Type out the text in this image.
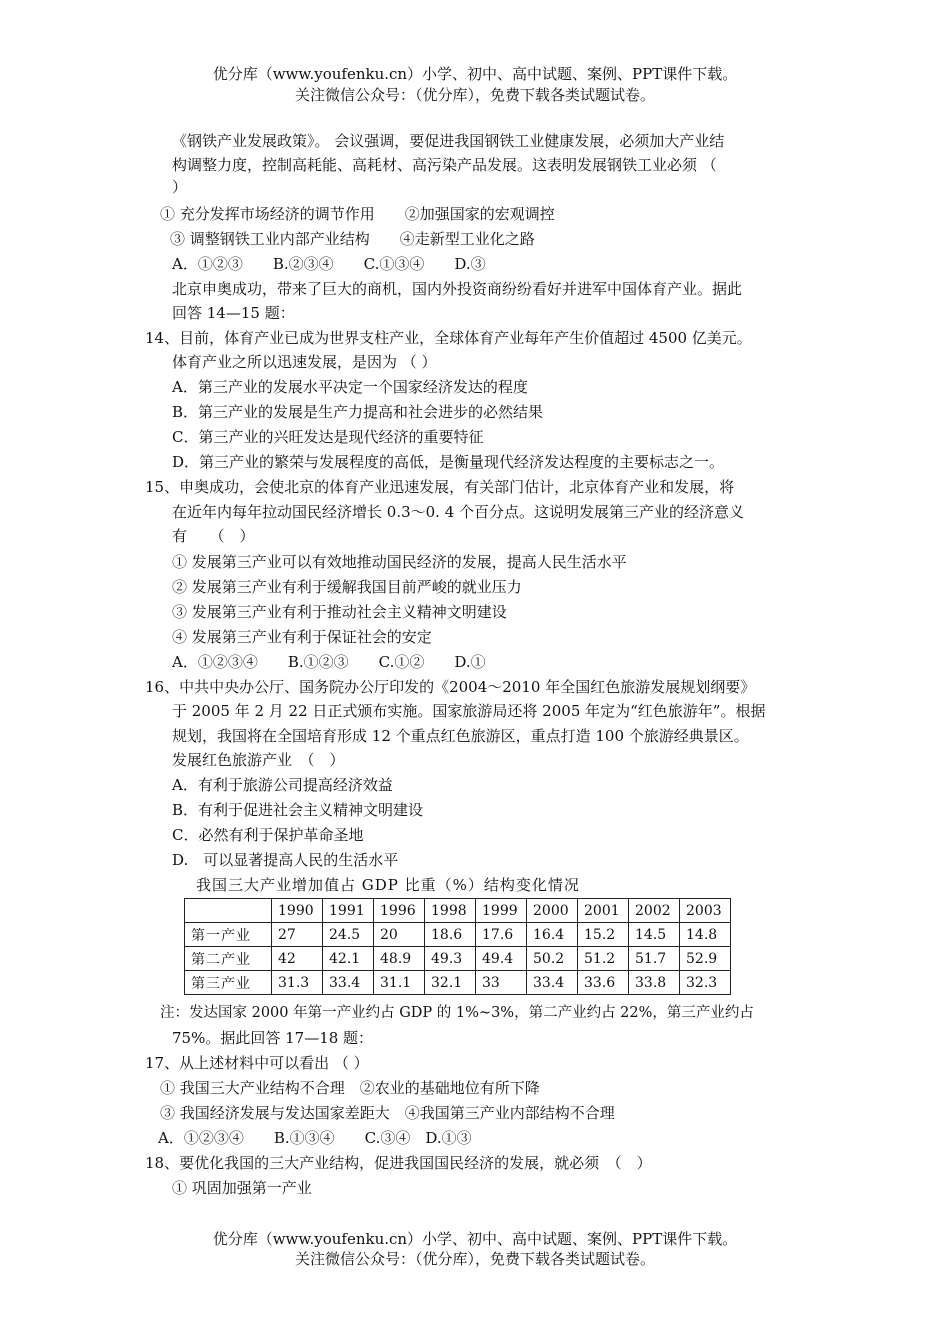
优分库（www.youfenku.cn）小学、初中、高中试题、案例、PPT课件下载。
关注微信公众号：（优分库），免费下载各类试题试卷。
《钢铁产业发展政策》。 会议强调，要促进我国钢铁工业健康发展，必须加大产业结
构调整力度，控制高耗能、高耗材、高污染产品发展。这表明发展钢铁工业必须 （
）
① 充分发挥市场经济的调节作用　　②加强国家的宏观调控
③ 调整钢铁工业内部产业结构　　④走新型工业化之路
A．①②③　　B.②③④　　C.①③④　　D.③
北京申奥成功，带来了巨大的商机，国内外投资商纷纷看好并进军中国体育产业。据此
回答 14—15 题：
14、目前，体育产业已成为世界支柱产业，全球体育产业每年产生价值超过 4500 亿美元。
体育产业之所以迅速发展，是因为 （ ）
A．第三产业的发展水平决定一个国家经济发达的程度
B．第三产业的发展是生产力提高和社会进步的必然结果
C．第三产业的兴旺发达是现代经济的重要特征
D．第三产业的繁荣与发展程度的高低，是衡量现代经济发达程度的主要标志之一。
15、申奥成功，会使北京的体育产业迅速发展，有关部门估计，北京体育产业和发展，将
在近年内每年拉动国民经济增长 0.3～0. 4 个百分点。这说明发展第三产业的经济意义
有　　（　）
① 发展第三产业可以有效地推动国民经济的发展，提高人民生活水平
② 发展第三产业有利于缓解我国目前严峻的就业压力
③ 发展第三产业有利于推动社会主义精神文明建设
④ 发展第三产业有利于保证社会的安定
A．①②③④　　B.①②③　　C.①②　　D.①
16、中共中央办公厅、国务院办公厅印发的《2004～2010 年全国红色旅游发展规划纲要》
于 2005 年 2 月 22 日正式颁布实施。国家旅游局还将 2005 年定为“红色旅游年”。根据
规划，我国将在全国培育形成 12 个重点红色旅游区，重点打造 100 个旅游经典景区。
发展红色旅游产业　（　）
A．有利于旅游公司提高经济效益
B．有利于促进社会主义精神文明建设
C．必然有利于保护革命圣地
D.　可以显著提高人民的生活水平
我国三大产业增加值占 GDP 比重（%）结构变化情况
	1990	1991	1996	1998	1999	2000	2001	2002	2003
第一产业	27	24.5	20	18.6	17.6	16.4	15.2	14.5	14.8
第二产业	42	42.1	48.9	49.3	49.4	50.2	51.2	51.7	52.9
第三产业	31.3	33.4	31.1	32.1	33	33.4	33.6	33.8	32.3
注：发达国家 2000 年第一产业约占 GDP 的 1%~3%，第二产业约占 22%，第三产业约占
75%。据此回答 17—18 题：
17、从上述材料中可以看出 （ ）
① 我国三大产业结构不合理　②农业的基础地位有所下降
③ 我国经济发展与发达国家差距大　④我国第三产业内部结构不合理
A．①②③④　　B.①③④　　C.③④　D.①③
18、要优化我国的三大产业结构，促进我国国民经济的发展，就必须　（　）
① 巩固加强第一产业
优分库（www.youfenku.cn）小学、初中、高中试题、案例、PPT课件下载。
关注微信公众号：（优分库），免费下载各类试题试卷。
